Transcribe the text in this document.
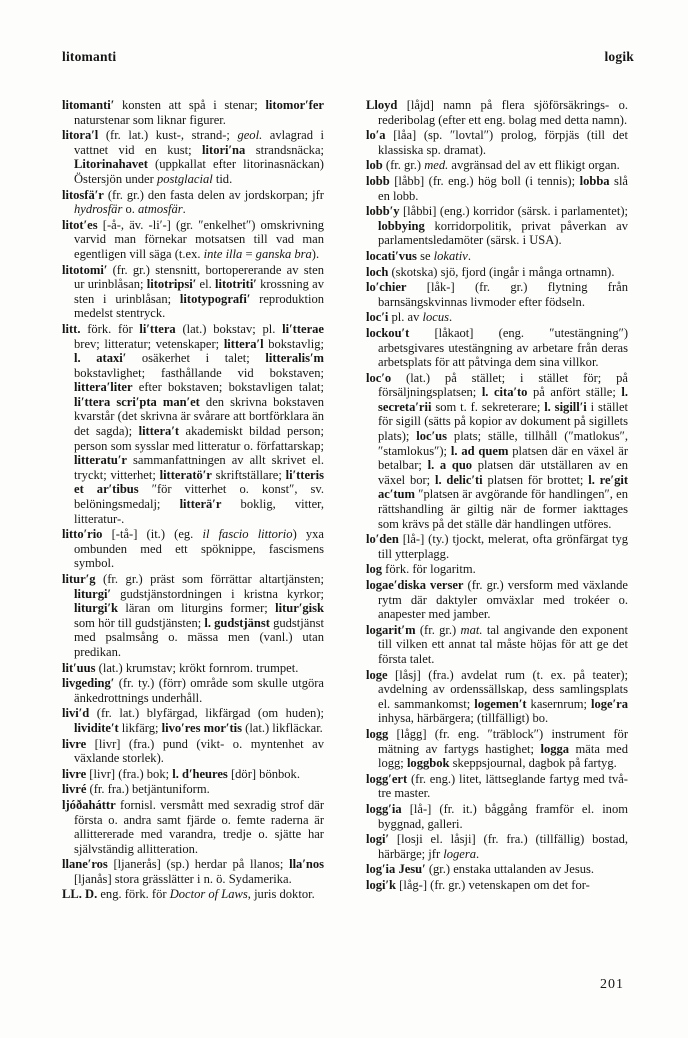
litomanti	logik

litomanti′ konsten att spå i stenar; litomor′fer naturstenar som liknar figurer.

litora′l (fr. lat.) kust-, strand-; geol. avlagrad i vattnet vid en kust; litori′na strandsnäcka; Litorinahavet (uppkallat efter litorinasnäckan) Östersjön under postglacial tid.

litosfä′r (fr. gr.) den fasta delen av jordskorpan; jfr hydrosfär o. atmosfär.

litot′es [-å-, äv. -li′-] (gr. ″enkelhet″) omskrivning varvid man förnekar motsatsen till vad man egentligen vill säga (t.ex. inte illa = ganska bra).

litotomi′ (fr. gr.) stensnitt, bortopererande av sten ur urinblåsan; litotripsi′ el. litotriti′ krossning av sten i urinblåsan; litotypografi′ reproduktion medelst stentryck.

litt. förk. för li′ttera (lat.) bokstav; pl. li′tterae brev; litteratur; vetenskaper; littera′l bokstavlig; l. ataxi′ osäkerhet i talet; litteralis′m bokstavlighet; fasthållande vid bokstaven; littera′liter efter bokstaven; bokstavligen talat; li′ttera scri′pta man′et den skrivna bokstaven kvarstår (det skrivna är svårare att bortförklara än det sagda); littera′t akademiskt bildad person; person som sysslar med litteratur o. författarskap; litteratu′r sammanfattningen av allt skrivet el. tryckt; vitterhet; litteratö′r skriftställare; li′tteris et ar′tibus ″för vitterhet o. konst″, sv. belöningsmedalj; litterä′r boklig, vitter, litteratur-.

litto′rio [-tå-] (it.) (eg. il fascio littorio) yxa ombunden med ett spöknippe, fascismens symbol.

litur′g (fr. gr.) präst som förrättar altartjänsten; liturgi′ gudstjänstordningen i kristna kyrkor; liturgi′k läran om liturgins former; litur′gisk som hör till gudstjänsten; l. gudstjänst gudstjänst med psalmsång o. mässa men (vanl.) utan predikan.

lit′uus (lat.) krumstav; krökt fornrom. trumpet.

livgeding′ (fr. ty.) (förr) område som skulle utgöra änkedrottnings underhåll.

livi′d (fr. lat.) blyfärgad, likfärgad (om huden); lividite′t likfärg; livo′res mor′tis (lat.) likfläckar.

livre [livr] (fra.) pund (vikt- o. myntenhet av växlande storlek).

livre [livr] (fra.) bok; l. d′heures [dör] bönbok.

livré (fr. fra.) betjäntuniform.

ljóðaháttr fornisl. versmått med sexradig strof där första o. andra samt fjärde o. femte raderna är allittererade med varandra, tredje o. sjätte har självständig allitteration.

llane′ros [ljanerås] (sp.) herdar på llanos; lla′nos [ljanås] stora grässlätter i n. ö. Sydamerika.

LL. D. eng. förk. för Doctor of Laws, juris doktor.

Lloyd [låjd] namn på flera sjöförsäkrings- o. rederibolag (efter ett eng. bolag med detta namn).

lo′a [låa] (sp. ″lovtal″) prolog, förpjäs (till det klassiska sp. dramat).

lob (fr. gr.) med. avgränsad del av ett flikigt organ.

lobb [låbb] (fr. eng.) hög boll (i tennis); lobba slå en lobb.

lobb′y [låbbi] (eng.) korridor (särsk. i parlamentet); lobbying korridorpolitik, privat påverkan av parlamentsledamöter (särsk. i USA).

locati′vus se lokativ.

loch (skotska) sjö, fjord (ingår i många ortnamn).

lo′chier [låk-] (fr. gr.) flytning från barnsängskvinnas livmoder efter födseln.

loc′i pl. av locus.

lockou′t [låkaot] (eng. ″utestängning″) arbetsgivares utestängning av arbetare från deras arbetsplats för att påtvinga dem sina villkor.

loc′o (lat.) på stället; i stället för; på försäljningsplatsen; l. cita′to på anfört ställe; l. secreta′rii som t. f. sekreterare; l. sigill′i i stället för sigill (sätts på kopior av dokument på sigillets plats); loc′us plats; ställe, tillhåll (″matlokus″, ″stamlokus″); l. ad quem platsen där en växel är betalbar; l. a quo platsen där utställaren av en växel bor; l. delic′ti platsen för brottet; l. re′git ac′tum ″platsen är avgörande för handlingen″, en rättshandling är giltig när de former iakttages som krävs på det ställe där handlingen utföres.

lo′den [lå-] (ty.) tjockt, melerat, ofta grönfärgat tyg till ytterplagg.

log förk. för logaritm.

logae′diska verser (fr. gr.) versform med växlande rytm där daktyler omväxlar med trokéer o. anapester med jamber.

logarit′m (fr. gr.) mat. tal angivande den exponent till vilken ett annat tal måste höjas för att ge det första talet.

loge [låsj] (fra.) avdelat rum (t. ex. på teater); avdelning av ordenssällskap, dess samlingsplats el. sammankomst; logemen′t kasernrum; loge′ra inhysa, härbärgera; (tillfälligt) bo.

logg [lågg] (fr. eng. ″träblock″) instrument för mätning av fartygs hastighet; logga mäta med logg; loggbok skeppsjournal, dagbok på fartyg.

logg′ert (fr. eng.) litet, lättseglande fartyg med två-tre master.

logg′ia [lå-] (fr. it.) båggång framför el. inom byggnad, galleri.

logi′ [losji el. låsji] (fr. fra.) (tillfällig) bostad, härbärge; jfr logera.

log′ia Jesu′ (gr.) enstaka uttalanden av Jesus.

logi′k [låg-] (fr. gr.) vetenskapen om det for-

201
